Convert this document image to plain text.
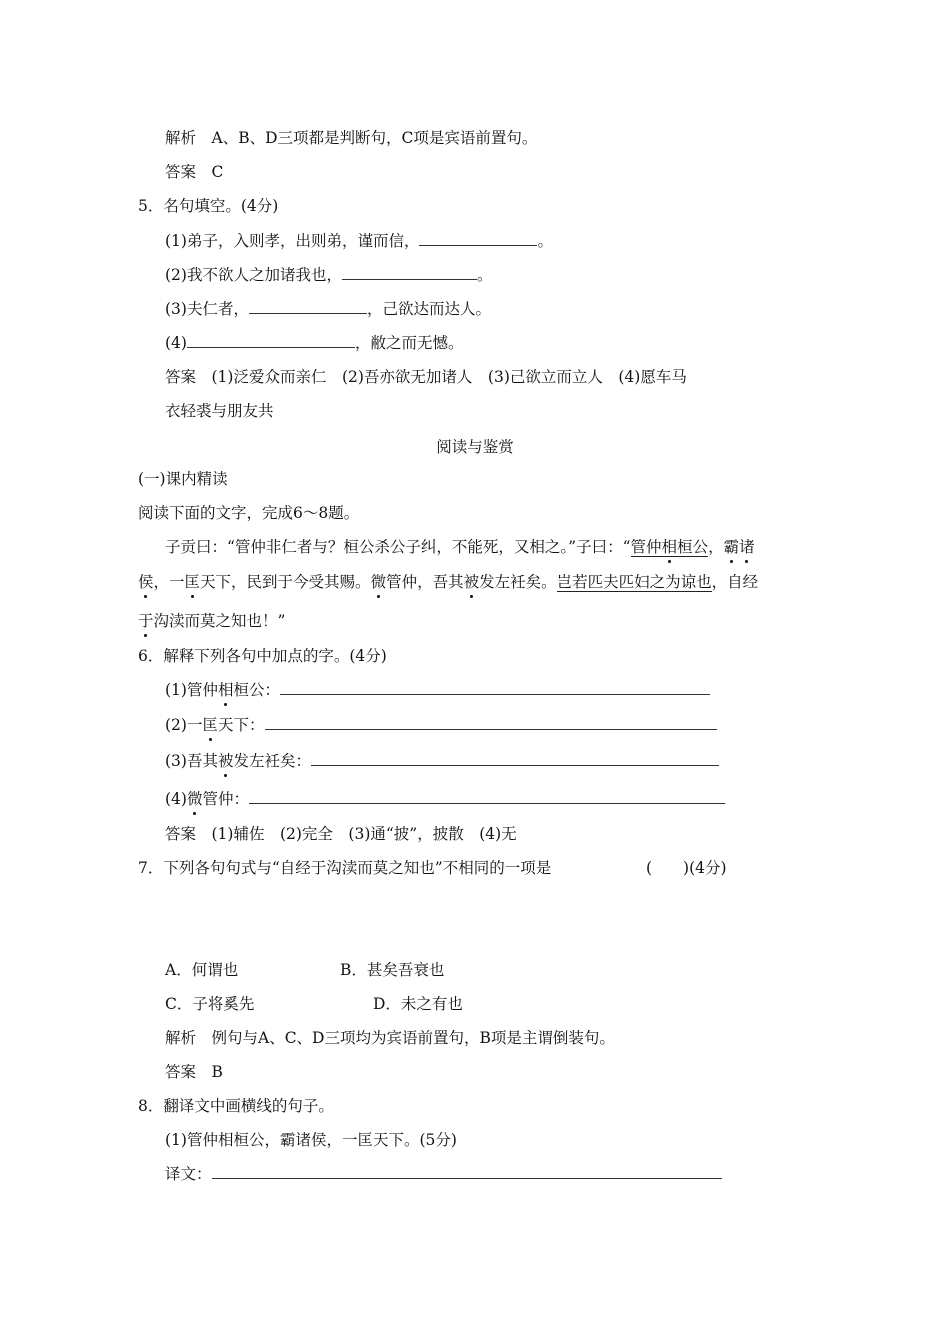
解析　A、B、D三项都是判断句，C项是宾语前置句。
答案　C
5．名句填空。(4分)
(1)弟子，入则孝，出则弟，谨而信，	。
(2)我不欲人之加诸我也，	。
(3)夫仁者，	，己欲达而达人。
(4)	，敝之而无憾。
答案　(1)泛爱众而亲仁　(2)吾亦欲无加诸人　(3)己欲立而立人　(4)愿车马
衣轻裘与朋友共
阅读与鉴赏
(一)课内精读
阅读下面的文字，完成6～8题。
子贡曰：“管仲非仁者与？桓公杀公子纠，不能死，又相之。”子曰：“管仲相桓公，霸诸
侯，一匡天下，民到于今受其赐。微管仲，吾其被发左衽矣。岂若匹夫匹妇之为谅也，自经
于沟渎而莫之知也！”
6．解释下列各句中加点的字。(4分)
(1)管仲相桓公：
(2)一匡天下：
(3)吾其被发左衽矣：
(4)微管仲：
答案　(1)辅佐　(2)完全　(3)通“披”，披散　(4)无
7．下列各句句式与“自经于沟渎而莫之知也”不相同的一项是	(　　)(4分)
A．何谓也	B．甚矣吾衰也
C．子将奚先	D．未之有也
解析　例句与A、C、D三项均为宾语前置句，B项是主谓倒装句。
答案　B
8．翻译文中画横线的句子。
(1)管仲相桓公，霸诸侯，一匡天下。(5分)
译文：
